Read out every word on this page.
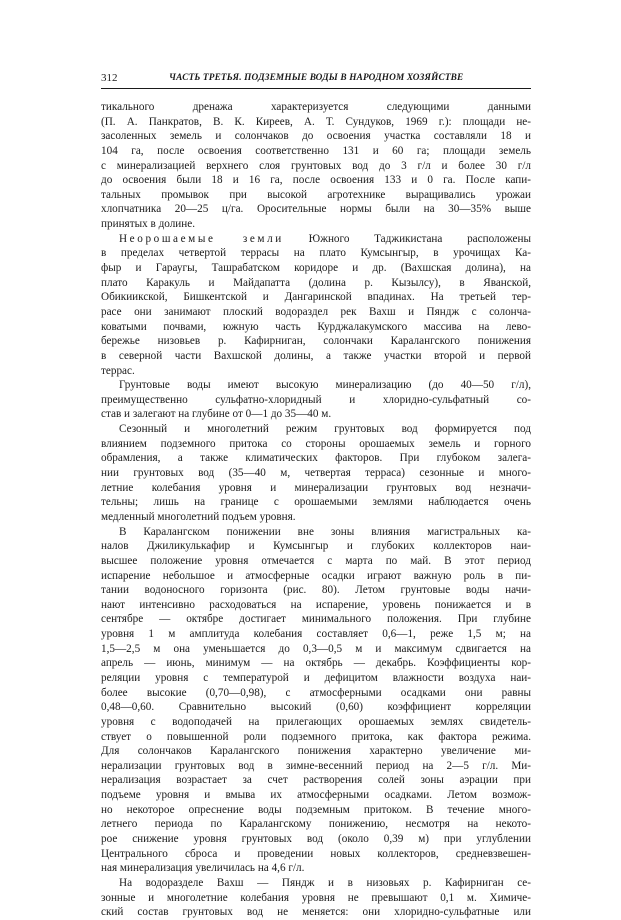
312	ЧАСТЬ ТРЕТЬЯ. ПОДЗЕМНЫЕ ВОДЫ В НАРОДНОМ ХОЗЯЙСТВЕ
тикального дренажа характеризуется следующими данными
(П. А. Панкратов, В. К. Киреев, А. Т. Сундуков, 1969 г.): площади не-
засоленных земель и солончаков до освоения участка составляли 18 и
104 га, после освоения соответственно 131 и 60 га; площади земель
с минерализацией верхнего слоя грунтовых вод до 3 г/л и более 30 г/л
до освоения были 18 и 16 га, после освоения 133 и 0 га. После капи-
тальных промывок при высокой агротехнике выращивались урожаи
хлопчатника 20—25 ц/га. Оросительные нормы были на 30—35% выше
принятых в долине.
Неорошаемые земли Южного Таджикистана расположены
в пределах четвертой террасы на плато Кумсынгыр, в урочищах Ка-
фыр и Гараугы, Ташрабатском коридоре и др. (Вахшская долина), на
плато Каракуль и Майдапатта (долина р. Кызылсу), в Яванской,
Обикиикской, Бишкентской и Дангаринской впадинах. На третьей тер-
расе они занимают плоский водораздел рек Вахш и Пяндж с солонча-
коватыми почвами, южную часть Курджалакумского массива на лево-
бережье низовьев р. Кафирниган, солончаки Каралангского понижения
в северной части Вахшской долины, а также участки второй и первой
террас.
Грунтовые воды имеют высокую минерализацию (до 40—50 г/л),
преимущественно сульфатно-хлоридный и хлоридно-сульфатный со-
став и залегают на глубине от 0—1 до 35—40 м.
Сезонный и многолетний режим грунтовых вод формируется под
влиянием подземного притока со стороны орошаемых земель и горного
обрамления, а также климатических факторов. При глубоком залега-
нии грунтовых вод (35—40 м, четвертая терраса) сезонные и много-
летние колебания уровня и минерализации грунтовых вод незначи-
тельны; лишь на границе с орошаемыми землями наблюдается очень
медленный многолетний подъем уровня.
В Каралангском понижении вне зоны влияния магистральных ка-
налов Джиликулькафир и Кумсынгыр и глубоких коллекторов наи-
высшее положение уровня отмечается с марта по май. В этот период
испарение небольшое и атмосферные осадки играют важную роль в пи-
тании водоносного горизонта (рис. 80). Летом грунтовые воды начи-
нают интенсивно расходоваться на испарение, уровень понижается и в
сентябре — октябре достигает минимального положения. При глубине
уровня 1 м амплитуда колебания составляет 0,6—1, реже 1,5 м; на
1,5—2,5 м она уменьшается до 0,3—0,5 м и максимум сдвигается на
апрель — июнь, минимум — на октябрь — декабрь. Коэффициенты кор-
реляции уровня с температурой и дефицитом влажности воздуха наи-
более высокие (0,70—0,98), с атмосферными осадками они равны
0,48—0,60. Сравнительно высокий (0,60) коэффициент корреляции
уровня с водоподачей на прилегающих орошаемых землях свидетель-
ствует о повышенной роли подземного притока, как фактора режима.
Для солончаков Каралангского понижения характерно увеличение ми-
нерализации грунтовых вод в зимне-весенний период на 2—5 г/л. Ми-
нерализация возрастает за счет растворения солей зоны аэрации при
подъеме уровня и вмыва их атмосферными осадками. Летом возмож-
но некоторое опреснение воды подземным притоком. В течение много-
летнего периода по Каралангскому понижению, несмотря на некото-
рое снижение уровня грунтовых вод (около 0,39 м) при углублении
Центрального сброса и проведении новых коллекторов, средневзвешен-
ная минерализация увеличилась на 4,6 г/л.
На водоразделе Вахш — Пяндж и в низовьях р. Кафирниган се-
зонные и многолетние колебания уровня не превышают 0,1 м. Химиче-
ский состав грунтовых вод не меняется: они хлоридно-сульфатные или
